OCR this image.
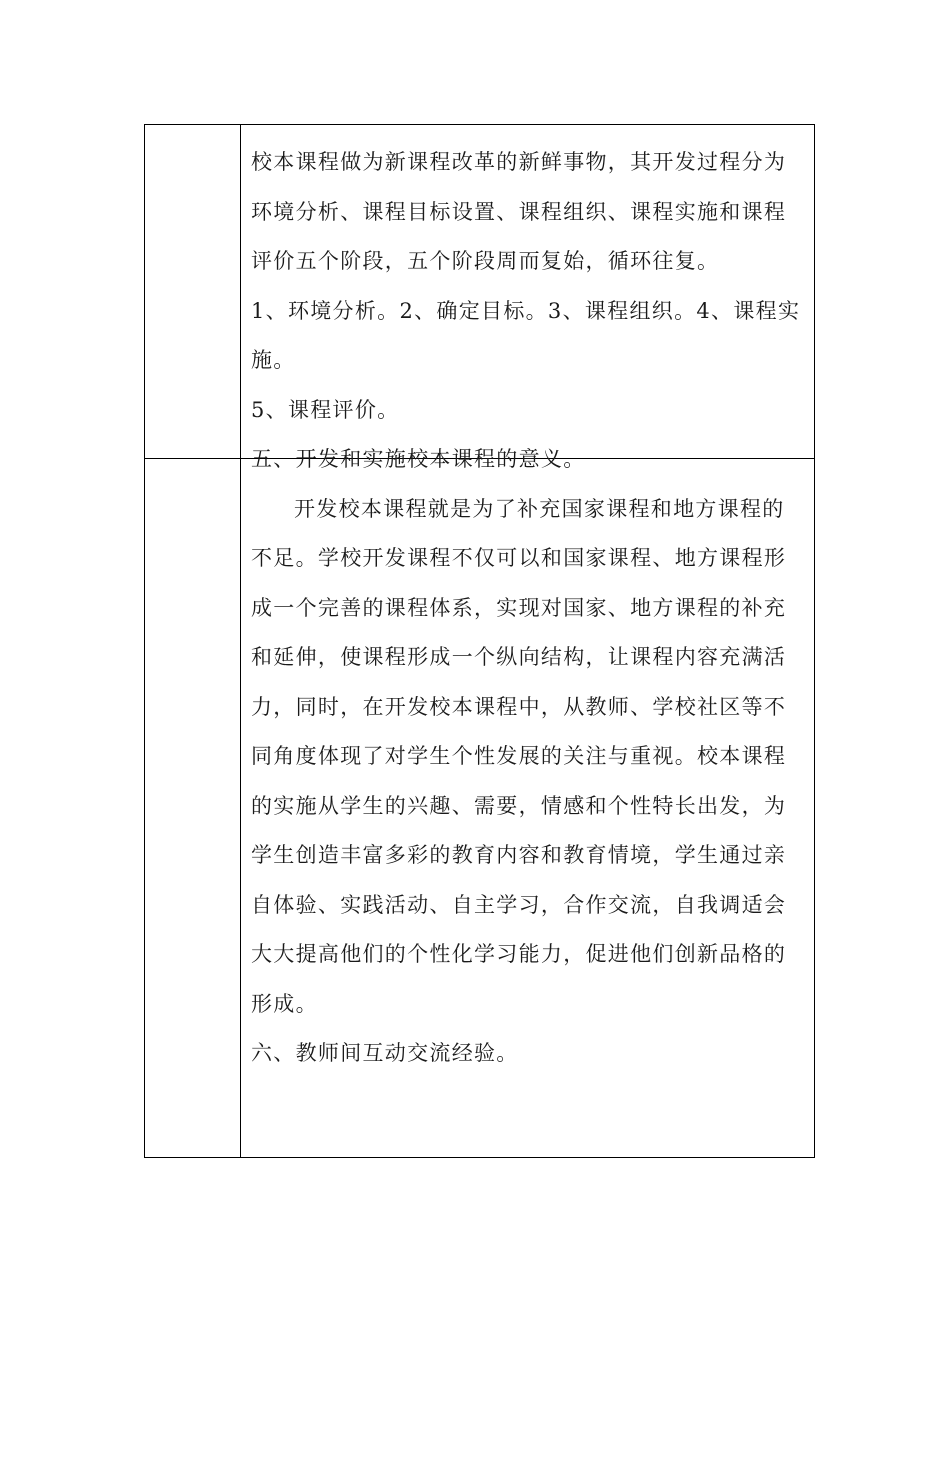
校本课程做为新课程改革的新鲜事物，其开发过程分为
环境分析、课程目标设置、课程组织、课程实施和课程
评价五个阶段，五个阶段周而复始，循环往复。
1、环境分析。2、确定目标。3、课程组织。4、课程实
施。
5、课程评价。
五、开发和实施校本课程的意义。
开发校本课程就是为了补充国家课程和地方课程的
不足。学校开发课程不仅可以和国家课程、地方课程形
成一个完善的课程体系，实现对国家、地方课程的补充
和延伸，使课程形成一个纵向结构，让课程内容充满活
力，同时，在开发校本课程中，从教师、学校社区等不
同角度体现了对学生个性发展的关注与重视。校本课程
的实施从学生的兴趣、需要，情感和个性特长出发，为
学生创造丰富多彩的教育内容和教育情境，学生通过亲
自体验、实践活动、自主学习，合作交流，自我调适会
大大提高他们的个性化学习能力，促进他们创新品格的
形成。
六、教师间互动交流经验。
